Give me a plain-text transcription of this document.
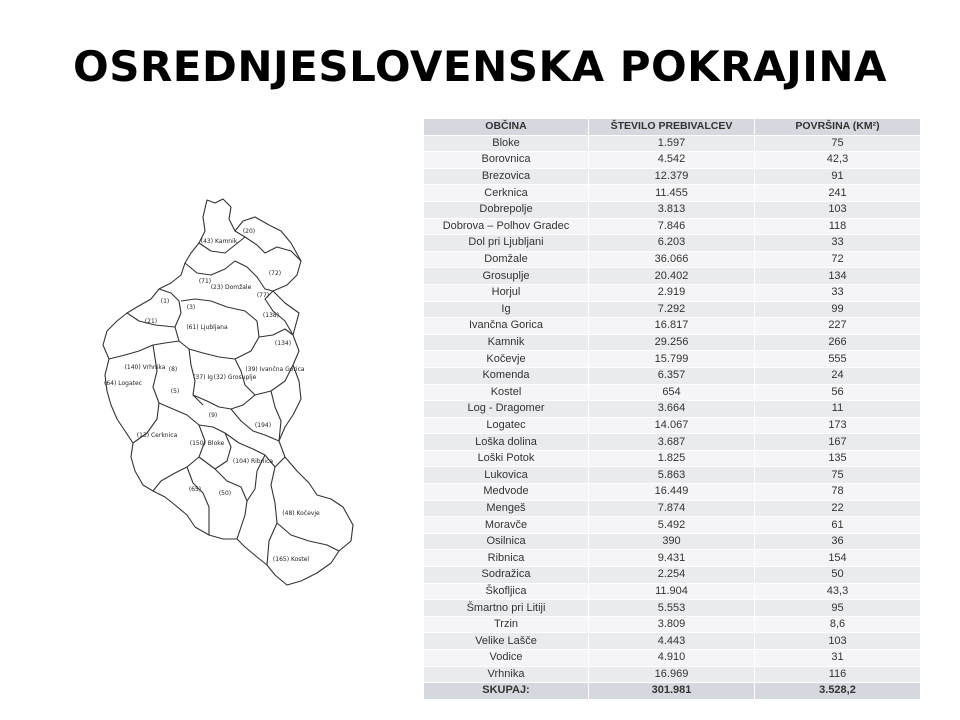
OSREDNJESLOVENSKA POKRAJINA
(43) Kamnik
(72)
(77)
(23) Domžale
(71)
(1)
(61) Ljubljana
(21)
(64) Logatec
(140) Vrhnika (8)
(37) Ig (32) Grosuplje
(134)
(13) Cerknica
(150) Bloke
(104) Ribnica
(65)
(48) Kočevje
(165) Kostel
(39) Ivančna Gorica
(194)
(9)
(138)
(20)
(3)
(5)
(50)
OBČINA	ŠTEVILO PREBIVALCEV	POVRŠINA (KM²)
Bloke	1.597	75
Borovnica	4.542	42,3
Brezovica	12.379	91
Cerknica	11.455	241
Dobrepolje	3.813	103
Dobrova – Polhov Gradec	7.846	118
Dol pri Ljubljani	6.203	33
Domžale	36.066	72
Grosuplje	20.402	134
Horjul	2.919	33
Ig	7.292	99
Ivančna Gorica	16.817	227
Kamnik	29.256	266
Kočevje	15.799	555
Komenda	6.357	24
Kostel	654	56
Log - Dragomer	3.664	11
Logatec	14.067	173
Loška dolina	3.687	167
Loški Potok	1.825	135
Lukovica	5.863	75
Medvode	16.449	78
Mengeš	7.874	22
Moravče	5.492	61
Osilnica	390	36
Ribnica	9.431	154
Sodražica	2.254	50
Škofljica	11.904	43,3
Šmartno pri Litiji	5.553	95
Trzin	3.809	8,6
Velike Lašče	4.443	103
Vodice	4.910	31
Vrhnika	16.969	116
SKUPAJ:	301.981	3.528,2
